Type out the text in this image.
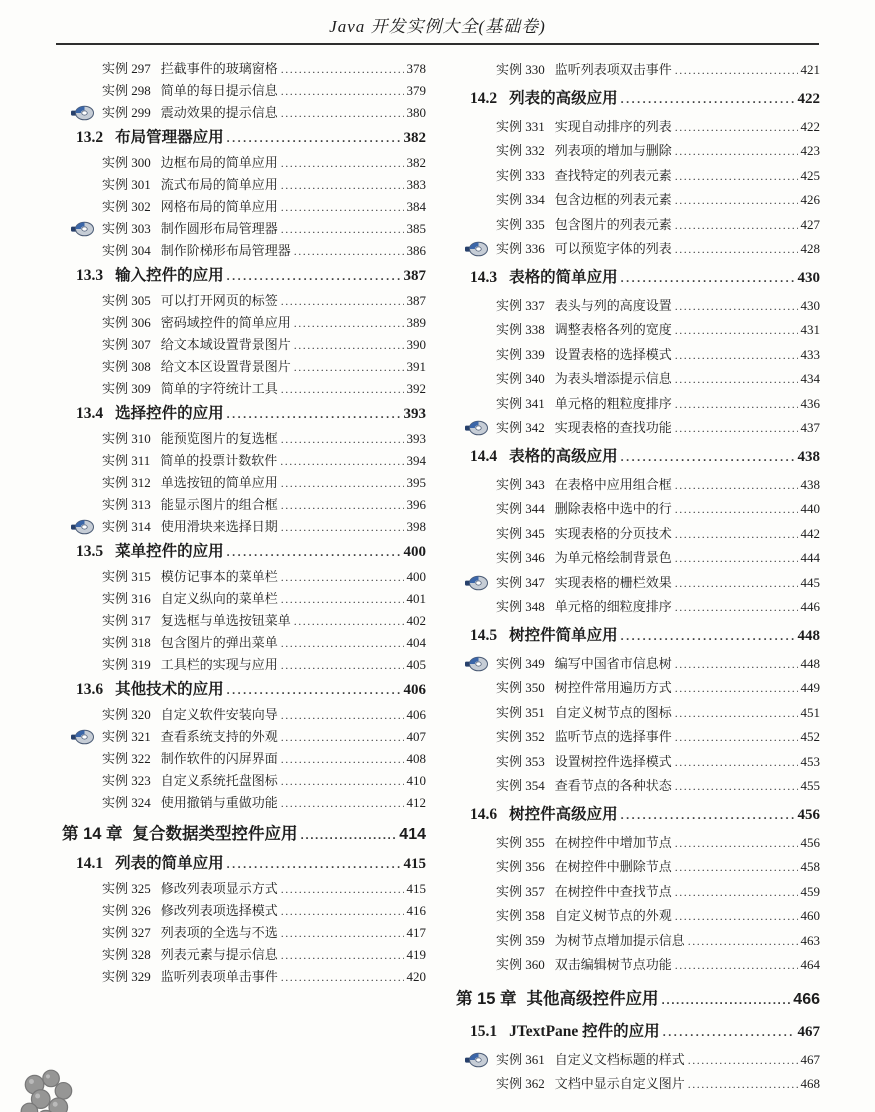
Java 开发实例大全(基础卷)
实例 297 拦截事件的玻璃窗格 .....	378
实例 298 简单的每日提示信息 .....	379
实例 299 震动效果的提示信息 .....	380
13.2 布局管理器应用 .....	382
实例 300 边框布局的简单应用 .....	382
实例 301 流式布局的简单应用 .....	383
实例 302 网格布局的简单应用 .....	384
实例 303 制作圆形布局管理器 .....	385
实例 304 制作阶梯形布局管理器 .....	386
13.3 输入控件的应用 .....	387
实例 305 可以打开网页的标签 .....	387
实例 306 密码域控件的简单应用 .....	389
实例 307 给文本域设置背景图片 .....	390
实例 308 给文本区设置背景图片 .....	391
实例 309 简单的字符统计工具 .....	392
13.4 选择控件的应用 .....	393
实例 310 能预览图片的复选框 .....	393
实例 311 简单的投票计数软件 .....	394
实例 312 单选按钮的简单应用 .....	395
实例 313 能显示图片的组合框 .....	396
实例 314 使用滑块来选择日期 .....	398
13.5 菜单控件的应用 .....	400
实例 315 模仿记事本的菜单栏 .....	400
实例 316 自定义纵向的菜单栏 .....	401
实例 317 复选框与单选按钮菜单 .....	402
实例 318 包含图片的弹出菜单 .....	404
实例 319 工具栏的实现与应用 .....	405
13.6 其他技术的应用 .....	406
实例 320 自定义软件安装向导 .....	406
实例 321 查看系统支持的外观 .....	407
实例 322 制作软件的闪屏界面 .....	408
实例 323 自定义系统托盘图标 .....	410
实例 324 使用撤销与重做功能 .....	412
第 14 章 复合数据类型控件应用 .....	414
14.1 列表的简单应用 .....	415
实例 325 修改列表项显示方式 .....	415
实例 326 修改列表项选择模式 .....	416
实例 327 列表项的全选与不选 .....	417
实例 328 列表元素与提示信息 .....	419
实例 329 监听列表项单击事件 .....	420
实例 330 监听列表项双击事件 .....	421
14.2 列表的高级应用 .....	422
实例 331 实现自动排序的列表 .....	422
实例 332 列表项的增加与删除 .....	423
实例 333 查找特定的列表元素 .....	425
实例 334 包含边框的列表元素 .....	426
实例 335 包含图片的列表元素 .....	427
实例 336 可以预览字体的列表 .....	428
14.3 表格的简单应用 .....	430
实例 337 表头与列的高度设置 .....	430
实例 338 调整表格各列的宽度 .....	431
实例 339 设置表格的选择模式 .....	433
实例 340 为表头增添提示信息 .....	434
实例 341 单元格的粗粒度排序 .....	436
实例 342 实现表格的查找功能 .....	437
14.4 表格的高级应用 .....	438
实例 343 在表格中应用组合框 .....	438
实例 344 删除表格中选中的行 .....	440
实例 345 实现表格的分页技术 .....	442
实例 346 为单元格绘制背景色 .....	444
实例 347 实现表格的栅栏效果 .....	445
实例 348 单元格的细粒度排序 .....	446
14.5 树控件简单应用 .....	448
实例 349 编写中国省市信息树 .....	448
实例 350 树控件常用遍历方式 .....	449
实例 351 自定义树节点的图标 .....	451
实例 352 监听节点的选择事件 .....	452
实例 353 设置树控件选择模式 .....	453
实例 354 查看节点的各种状态 .....	455
14.6 树控件高级应用 .....	456
实例 355 在树控件中增加节点 .....	456
实例 356 在树控件中删除节点 .....	458
实例 357 在树控件中查找节点 .....	459
实例 358 自定义树节点的外观 .....	460
实例 359 为树节点增加提示信息 .....	463
实例 360 双击编辑树节点功能 .....	464
第 15 章 其他高级控件应用 .....	466
15.1 JTextPane 控件的应用 .....	467
实例 361 自定义文档标题的样式 .....	467
实例 362 文档中显示自定义图片 .....	468
